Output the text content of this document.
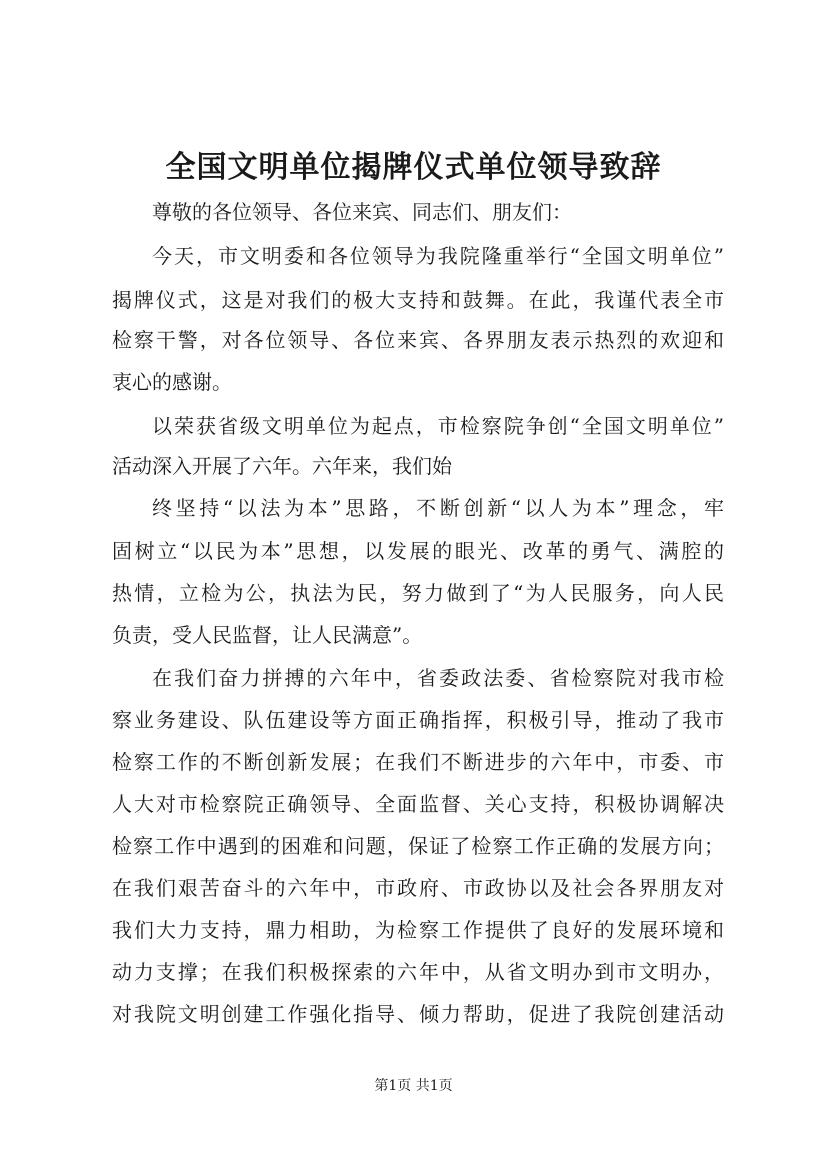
全国文明单位揭牌仪式单位领导致辞
尊敬的各位领导、各位来宾、同志们、朋友们：
今天，市文明委和各位领导为我院隆重举行“全国文明单位”
揭牌仪式，这是对我们的极大支持和鼓舞。在此，我谨代表全市
检察干警，对各位领导、各位来宾、各界朋友表示热烈的欢迎和
衷心的感谢。
以荣获省级文明单位为起点，市检察院争创“全国文明单位”
活动深入开展了六年。六年来，我们始
终坚持“以法为本”思路，不断创新“以人为本”理念，牢
固树立“以民为本”思想，以发展的眼光、改革的勇气、满腔的
热情，立检为公，执法为民，努力做到了“为人民服务，向人民
负责，受人民监督，让人民满意”。
在我们奋力拼搏的六年中，省委政法委、省检察院对我市检
察业务建设、队伍建设等方面正确指挥，积极引导，推动了我市
检察工作的不断创新发展；在我们不断进步的六年中，市委、市
人大对市检察院正确领导、全面监督、关心支持，积极协调解决
检察工作中遇到的困难和问题，保证了检察工作正确的发展方向；
在我们艰苦奋斗的六年中，市政府、市政协以及社会各界朋友对
我们大力支持，鼎力相助，为检察工作提供了良好的发展环境和
动力支撑；在我们积极探索的六年中，从省文明办到市文明办，
对我院文明创建工作强化指导、倾力帮助，促进了我院创建活动
第1页 共1页
